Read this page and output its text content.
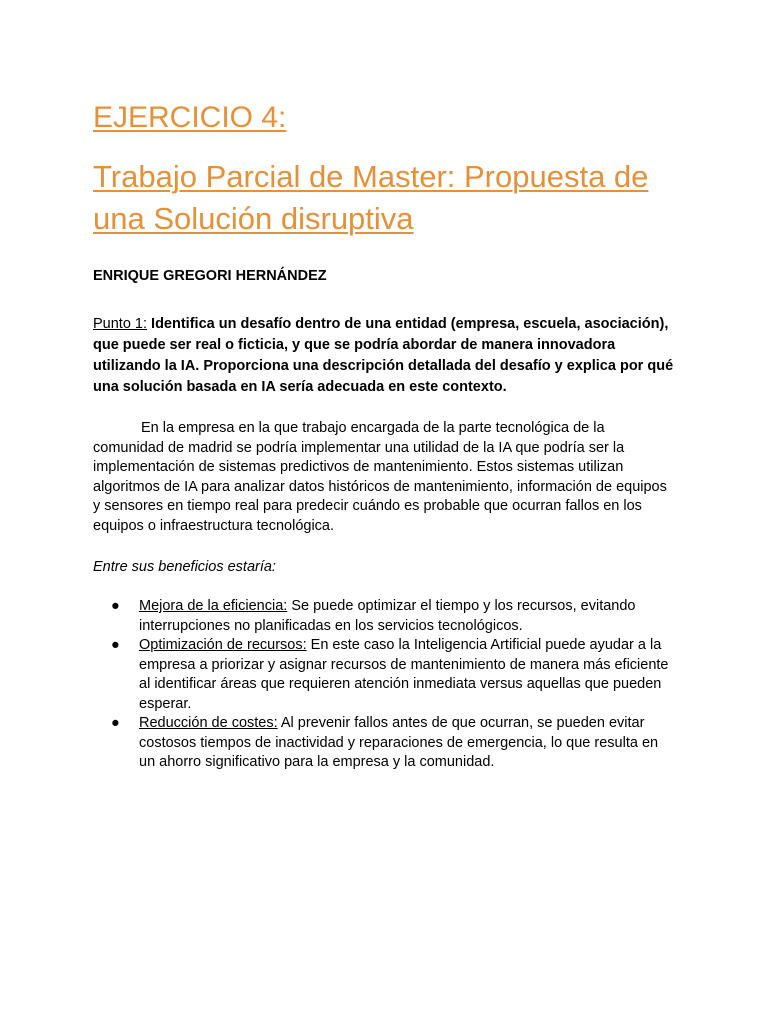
EJERCICIO 4:
Trabajo Parcial de Master: Propuesta de una Solución disruptiva
ENRIQUE GREGORI HERNÁNDEZ
Punto 1: Identifica un desafío dentro de una entidad (empresa, escuela, asociación), que puede ser real o ficticia, y que se podría abordar de manera innovadora utilizando la IA. Proporciona una descripción detallada del desafío y explica por qué una solución basada en IA sería adecuada en este contexto.

En la empresa en la que trabajo encargada de la parte tecnológica de la comunidad de madrid se podría implementar una utilidad de la IA que podría ser la implementación de sistemas predictivos de mantenimiento. Estos sistemas utilizan algoritmos de IA para analizar datos históricos de mantenimiento, información de equipos y sensores en tiempo real para predecir cuándo es probable que ocurran fallos en los equipos o infraestructura tecnológica.

Entre sus beneficios estaría:
● Mejora de la eficiencia: Se puede optimizar el tiempo y los recursos, evitando interrupciones no planificadas en los servicios tecnológicos.
● Optimización de recursos: En este caso la Inteligencia Artificial puede ayudar a la empresa a priorizar y asignar recursos de mantenimiento de manera más eficiente al identificar áreas que requieren atención inmediata versus aquellas que pueden esperar.
● Reducción de costes: Al prevenir fallos antes de que ocurran, se pueden evitar costosos tiempos de inactividad y reparaciones de emergencia, lo que resulta en un ahorro significativo para la empresa y la comunidad.
